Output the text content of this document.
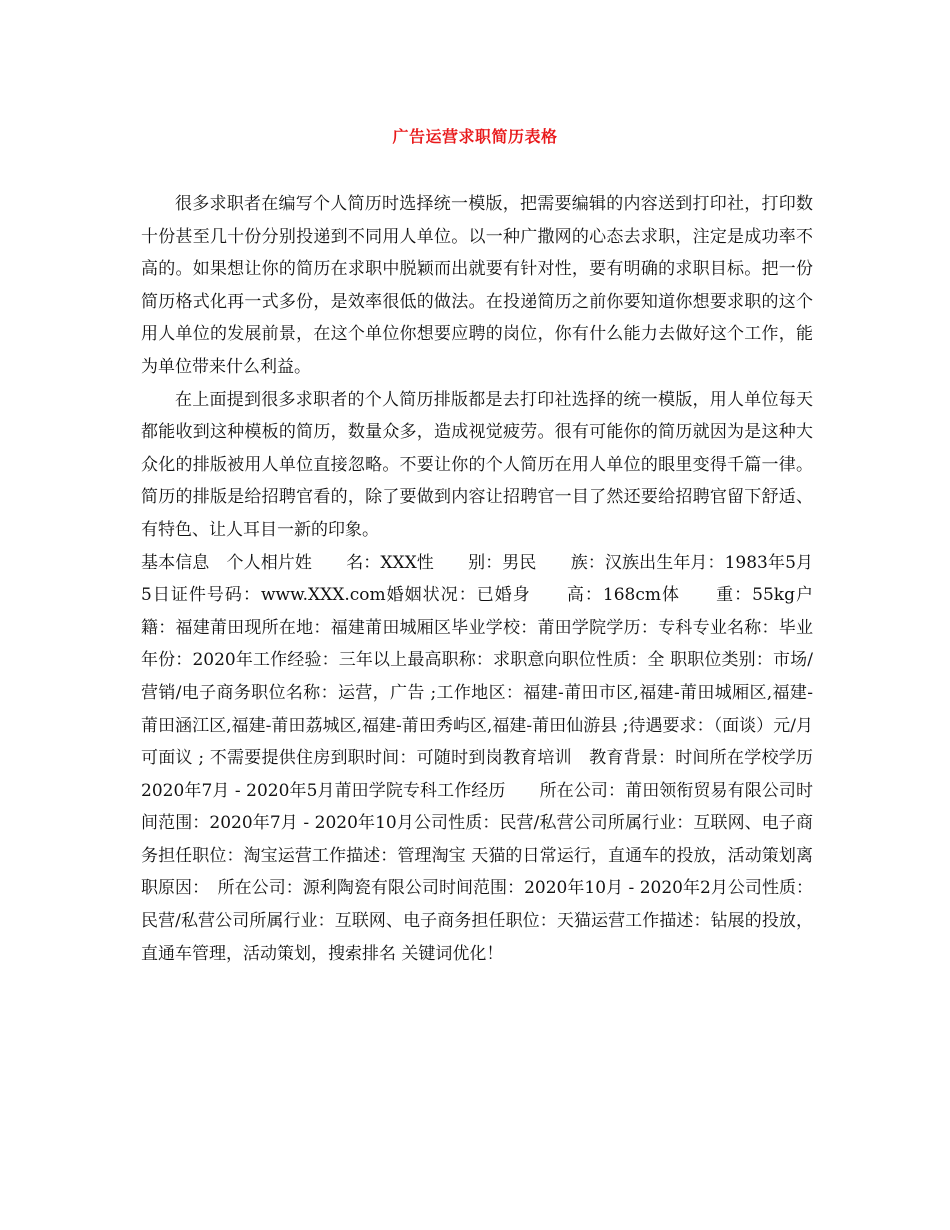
广告运营求职简历表格

很多求职者在编写个人简历时选择统一模版，把需要编辑的内容送到打印社，打印数十份甚至几十份分别投递到不同用人单位。以一种广撒网的心态去求职，注定是成功率不高的。如果想让你的简历在求职中脱颖而出就要有针对性，要有明确的求职目标。把一份简历格式化再一式多份，是效率很低的做法。在投递简历之前你要知道你想要求职的这个用人单位的发展前景，在这个单位你想要应聘的岗位，你有什么能力去做好这个工作，能为单位带来什么利益。

在上面提到很多求职者的个人简历排版都是去打印社选择的统一模版，用人单位每天都能收到这种模板的简历，数量众多，造成视觉疲劳。很有可能你的简历就因为是这种大众化的排版被用人单位直接忽略。不要让你的个人简历在用人单位的眼里变得千篇一律。简历的排版是给招聘官看的，除了要做到内容让招聘官一目了然还要给招聘官留下舒适、有特色、让人耳目一新的印象。

基本信息　个人相片姓　　名：XXX性　　别：男民　　族：汉族出生年月：1983年5月5日证件号码：www.XXX.com婚姻状况：已婚身　　高：168cm体　　重：55kg户　　籍：福建莆田现所在地：福建莆田城厢区毕业学校：莆田学院学历：专科专业名称：毕业年份：2020年工作经验：三年以上最高职称：求职意向职位性质：全 职职位类别：市场/营销/电子商务职位名称：运营，广告 ;工作地区：福建-莆田市区,福建-莆田城厢区,福建-莆田涵江区,福建-莆田荔城区,福建-莆田秀屿区,福建-莆田仙游县 ;待遇要求：（面谈）元/月 可面议 ; 不需要提供住房到职时间：可随时到岗教育培训　教育背景：时间所在学校学历2020年7月 - 2020年5月莆田学院专科工作经历　　所在公司：莆田领衔贸易有限公司时间范围：2020年7月 - 2020年10月公司性质：民营/私营公司所属行业：互联网、电子商务担任职位：淘宝运营工作描述：管理淘宝 天猫的日常运行，直通车的投放，活动策划离职原因：　所在公司：源利陶瓷有限公司时间范围：2020年10月 - 2020年2月公司性质：民营/私营公司所属行业：互联网、电子商务担任职位：天猫运营工作描述：钻展的投放，直通车管理，活动策划，搜索排名 关键词优化！
